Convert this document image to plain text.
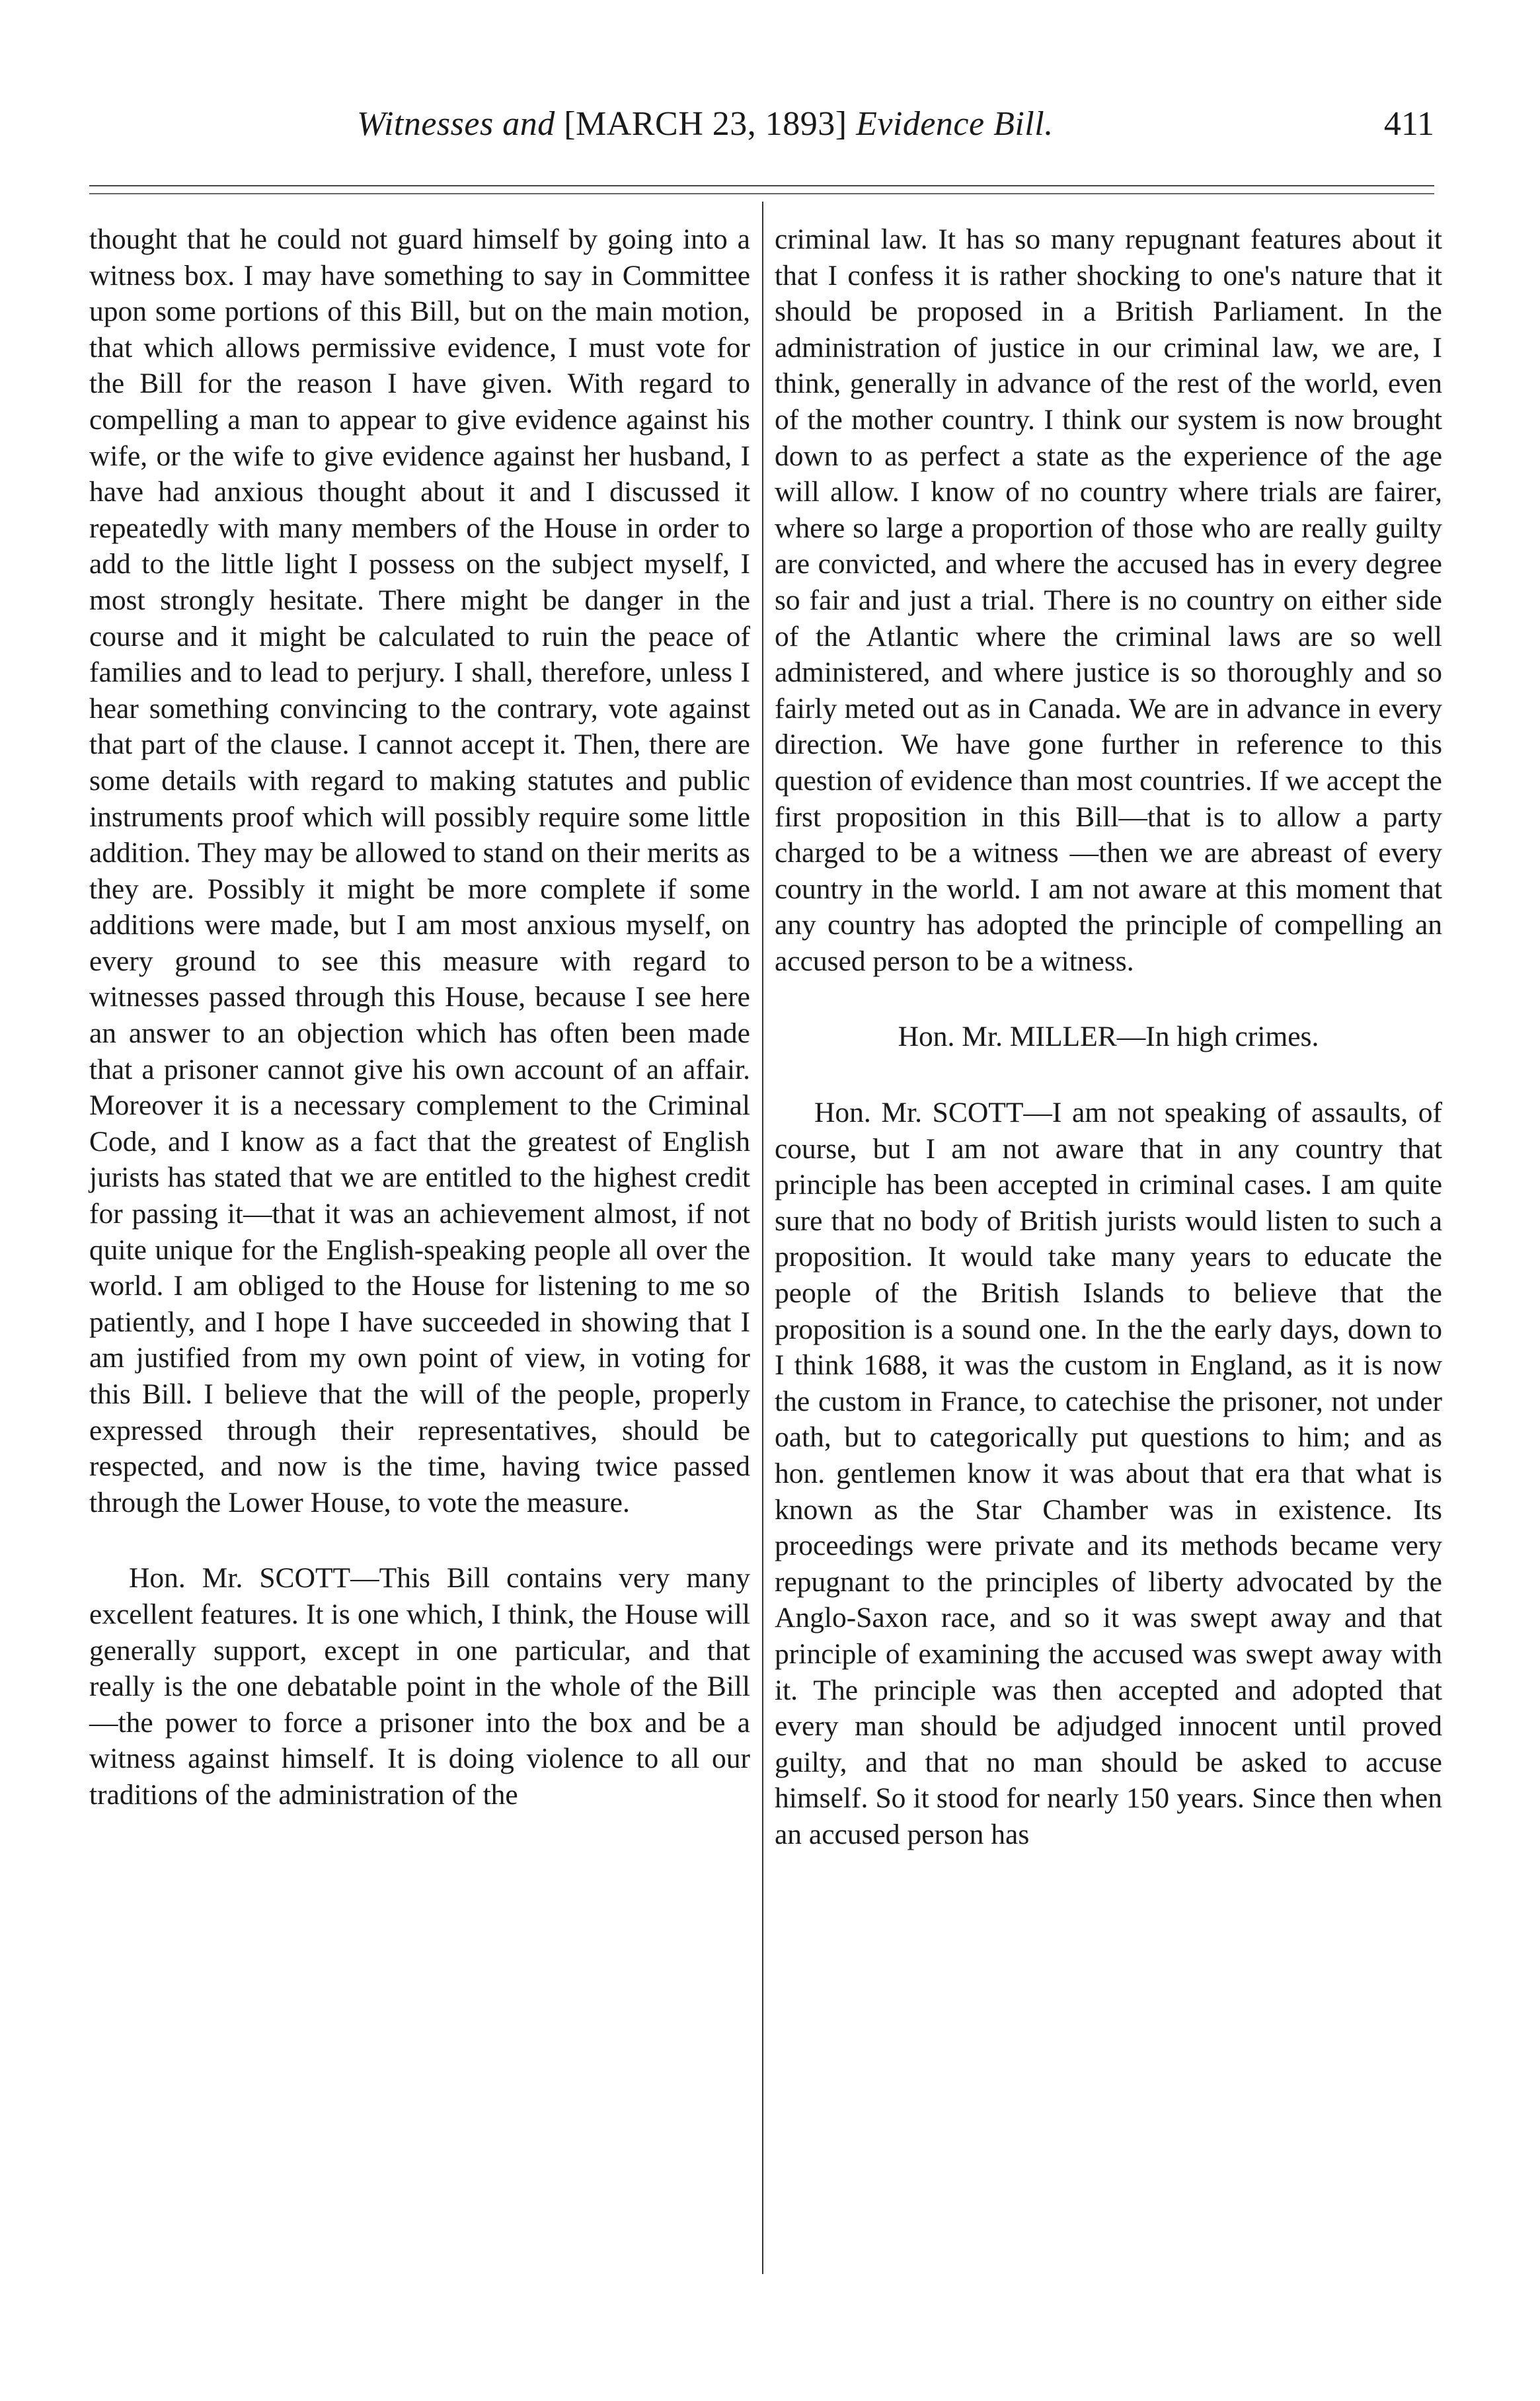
Witnesses and [MARCH 23, 1893] Evidence Bill.	411

thought that he could not guard himself by going into a witness box. I may have something to say in Committee upon some portions of this Bill, but on the main motion, that which allows permissive evidence, I must vote for the Bill for the reason I have given. With regard to compelling a man to appear to give evidence against his wife, or the wife to give evidence against her husband, I have had anxious thought about it and I discussed it repeatedly with many members of the House in order to add to the little light I possess on the subject myself, I most strongly hesitate. There might be danger in the course and it might be calculated to ruin the peace of families and to lead to perjury. I shall, therefore, unless I hear something convincing to the contrary, vote against that part of the clause. I cannot accept it. Then, there are some details with regard to making statutes and public instruments proof which will possibly require some little addition. They may be allowed to stand on their merits as they are. Possibly it might be more complete if some additions were made, but I am most anxious myself, on every ground to see this measure with regard to witnesses passed through this House, because I see here an answer to an objection which has often been made that a prisoner cannot give his own account of an affair. Moreover it is a necessary complement to the Criminal Code, and I know as a fact that the greatest of English jurists has stated that we are entitled to the highest credit for passing it—that it was an achievement almost, if not quite unique for the English-speaking people all over the world. I am obliged to the House for listening to me so patiently, and I hope I have succeeded in showing that I am justified from my own point of view, in voting for this Bill. I believe that the will of the people, properly expressed through their representatives, should be respected, and now is the time, having twice passed through the Lower House, to vote the measure.

Hon. Mr. SCOTT—This Bill contains very many excellent features. It is one which, I think, the House will generally support, except in one particular, and that really is the one debatable point in the whole of the Bill—the power to force a prisoner into the box and be a witness against himself. It is doing violence to all our traditions of the administration of the

criminal law. It has so many repugnant features about it that I confess it is rather shocking to one's nature that it should be proposed in a British Parliament. In the administration of justice in our criminal law, we are, I think, generally in advance of the rest of the world, even of the mother country. I think our system is now brought down to as perfect a state as the experience of the age will allow. I know of no country where trials are fairer, where so large a proportion of those who are really guilty are convicted, and where the accused has in every degree so fair and just a trial. There is no country on either side of the Atlantic where the criminal laws are so well administered, and where justice is so thoroughly and so fairly meted out as in Canada. We are in advance in every direction. We have gone further in reference to this question of evidence than most countries. If we accept the first proposition in this Bill—that is to allow a party charged to be a witness —then we are abreast of every country in the world. I am not aware at this moment that any country has adopted the principle of compelling an accused person to be a witness.

Hon. Mr. MILLER—In high crimes.

Hon. Mr. SCOTT—I am not speaking of assaults, of course, but I am not aware that in any country that principle has been accepted in criminal cases. I am quite sure that no body of British jurists would listen to such a proposition. It would take many years to educate the people of the British Islands to believe that the proposition is a sound one. In the the early days, down to I think 1688, it was the custom in England, as it is now the custom in France, to catechise the prisoner, not under oath, but to categorically put questions to him; and as hon. gentlemen know it was about that era that what is known as the Star Chamber was in existence. Its proceedings were private and its methods became very repugnant to the principles of liberty advocated by the Anglo-Saxon race, and so it was swept away and that principle of examining the accused was swept away with it. The principle was then accepted and adopted that every man should be adjudged innocent until proved guilty, and that no man should be asked to accuse himself. So it stood for nearly 150 years. Since then when an accused person has
